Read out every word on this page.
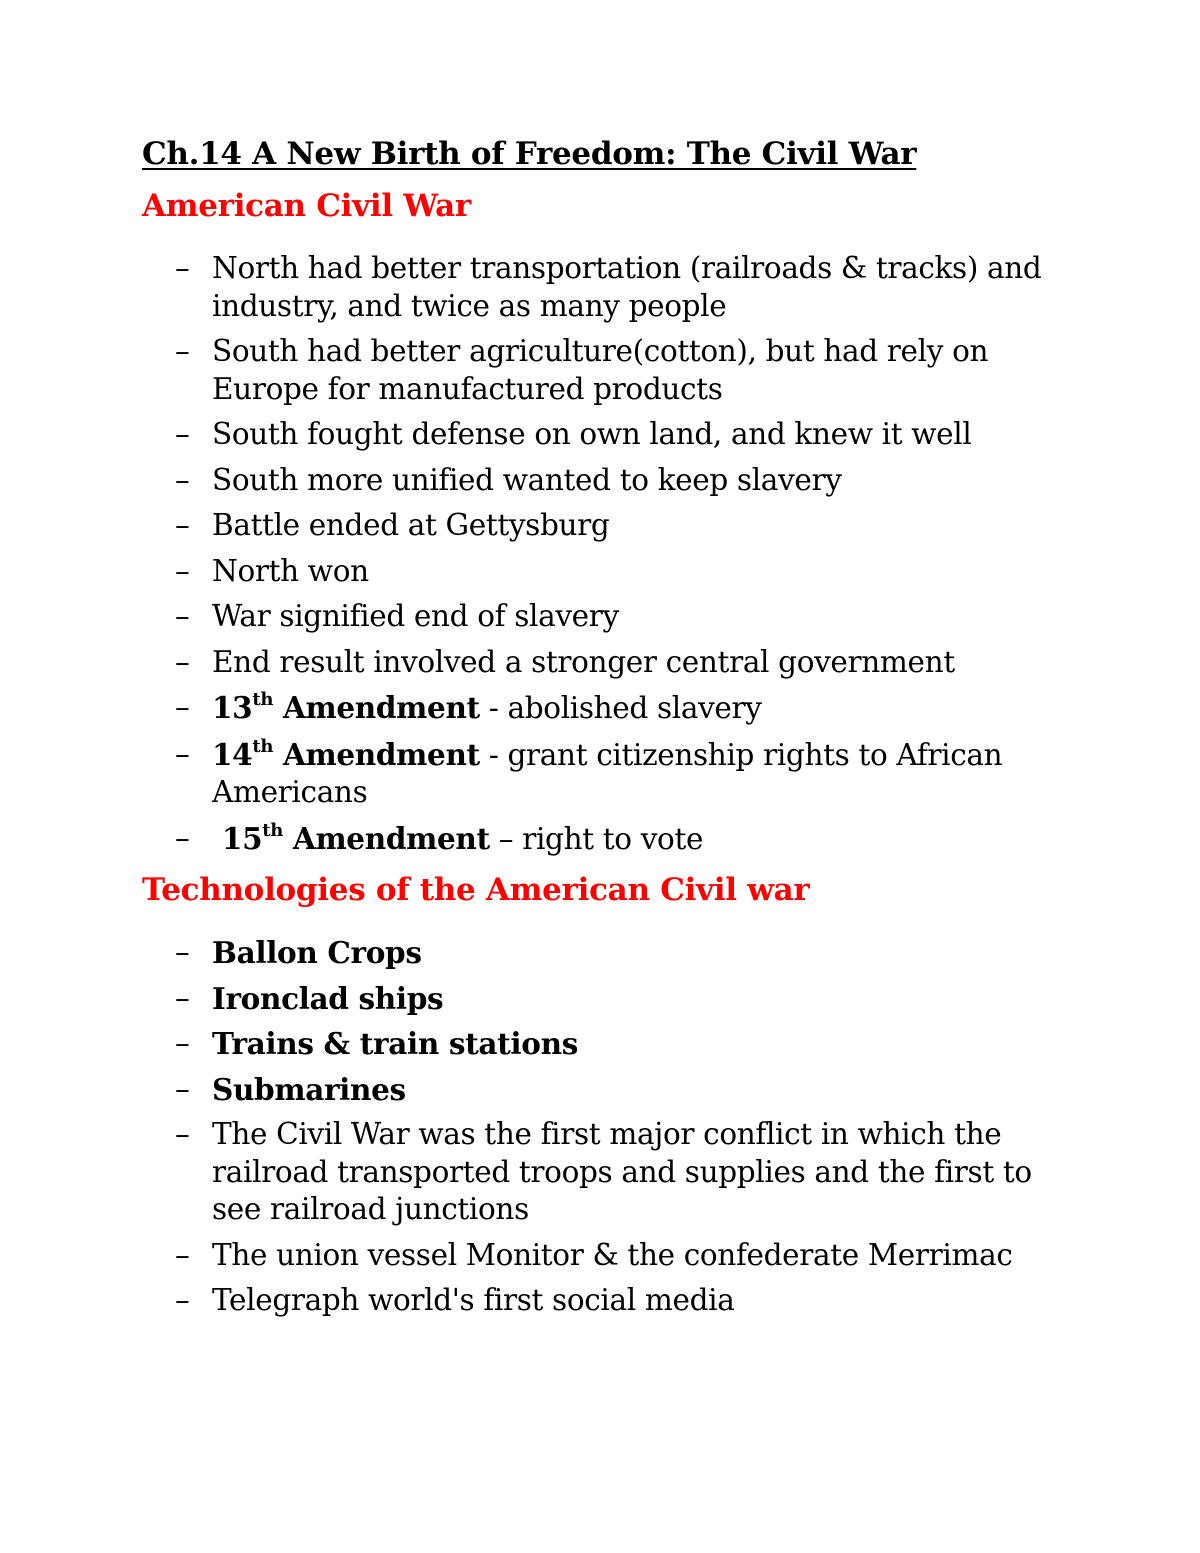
Ch.14 A New Birth of Freedom: The Civil War
American Civil War
– North had better transportation (railroads & tracks) and industry, and twice as many people
– South had better agriculture(cotton), but had rely on Europe for manufactured products
– South fought defense on own land, and knew it well
– South more unified wanted to keep slavery
– Battle ended at Gettysburg
– North won
– War signified end of slavery
– End result involved a stronger central government
– 13th Amendment - abolished slavery
– 14th Amendment - grant citizenship rights to African Americans
– 15th Amendment – right to vote
Technologies of the American Civil war
– Ballon Crops
– Ironclad ships
– Trains & train stations
– Submarines
– The Civil War was the first major conflict in which the railroad transported troops and supplies and the first to see railroad junctions
– The union vessel Monitor & the confederate Merrimac
– Telegraph world's first social media
